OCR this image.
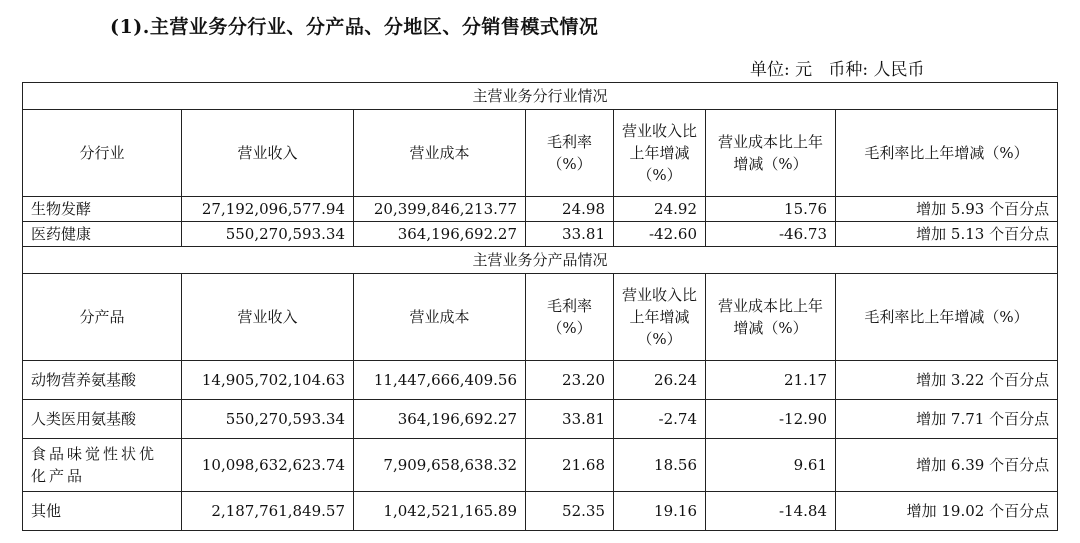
(1).主营业务分行业、分产品、分地区、分销售模式情况
单位: 元   币种: 人民币
主营业务分行业情况						
分行业	营业收入	营业成本	毛利率（%）	营业收入比上年增减（%）	营业成本比上年增减（%）	毛利率比上年增减（%）
生物发酵	27,192,096,577.94	20,399,846,213.77	24.98	24.92	15.76	增加 5.93 个百分点
医药健康	550,270,593.34	364,196,692.27	33.81	-42.60	-46.73	增加 5.13 个百分点
主营业务分产品情况						
分产品	营业收入	营业成本	毛利率（%）	营业收入比上年增减（%）	营业成本比上年增减（%）	毛利率比上年增减（%）
动物营养氨基酸	14,905,702,104.63	11,447,666,409.56	23.20	26.24	21.17	增加 3.22 个百分点
人类医用氨基酸	550,270,593.34	364,196,692.27	33.81	-2.74	-12.90	增加 7.71 个百分点
食品味觉性状优化产品	10,098,632,623.74	7,909,658,638.32	21.68	18.56	9.61	增加 6.39 个百分点
其他	2,187,761,849.57	1,042,521,165.89	52.35	19.16	-14.84	增加 19.02 个百分点
